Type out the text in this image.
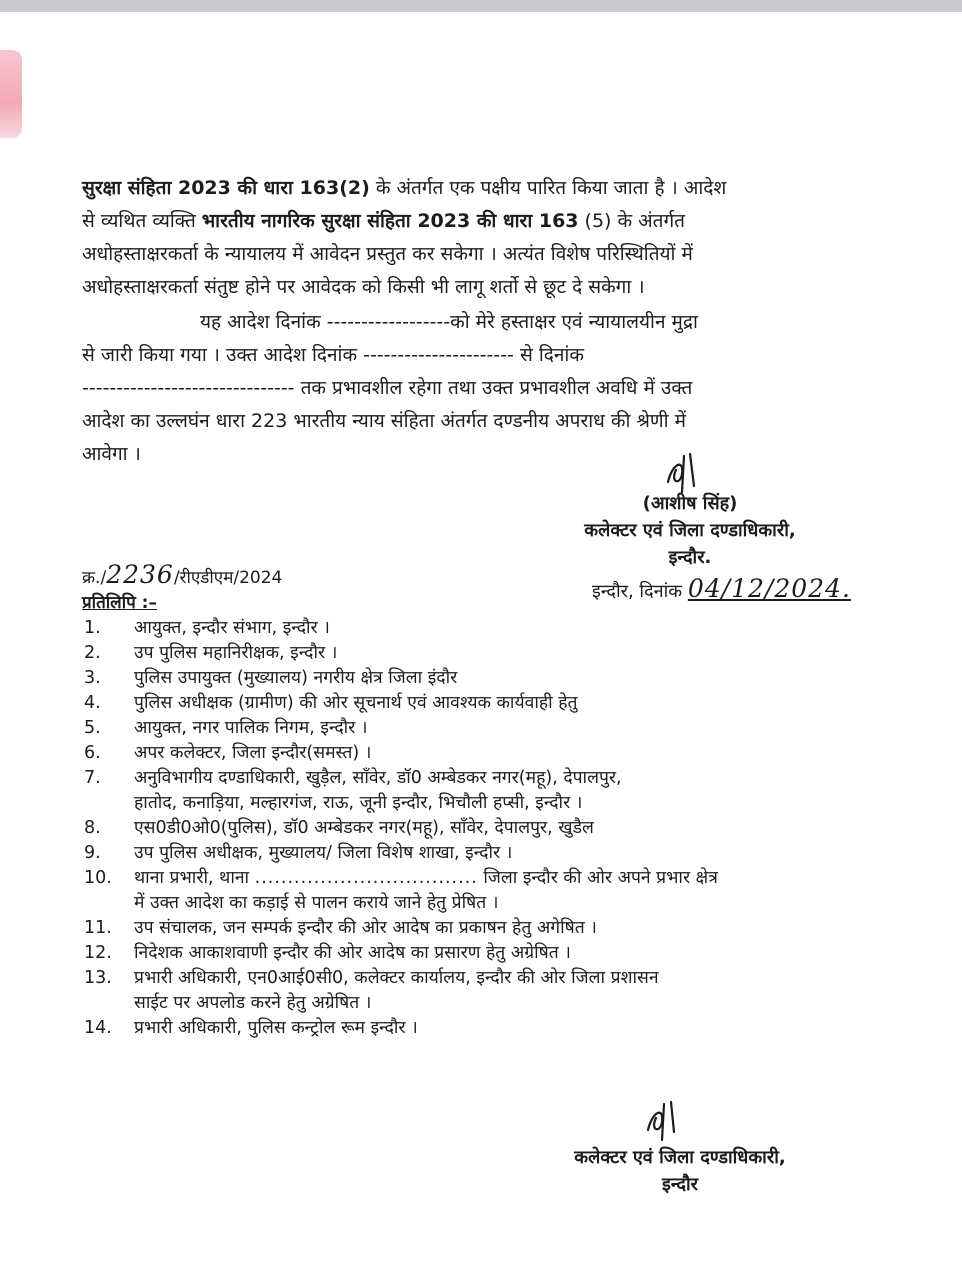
सुरक्षा संहिता 2023 की धारा 163(2) के अंतर्गत एक पक्षीय पारित किया जाता है । आदेश
से व्यथित व्यक्ति भारतीय नागरिक सुरक्षा संहिता 2023 की धारा 163 (5) के अंतर्गत
अधोहस्ताक्षरकर्ता के न्यायालय में आवेदन प्रस्तुत कर सकेगा । अत्यंत विशेष परिस्थितियों में
अधोहस्ताक्षरकर्ता संतुष्ट होने पर आवेदक को किसी भी लागू शर्तो से छूट दे सकेगा ।
यह आदेश दिनांक ------------------को मेरे हस्ताक्षर एवं न्यायालयीन मुद्रा
से जारी किया गया । उक्त आदेश दिनांक ---------------------- से दिनांक
------------------------------- तक प्रभावशील रहेगा तथा उक्त प्रभावशील अवधि में उक्त
आदेश का उल्लघंन धारा 223 भारतीय न्याय संहिता अंतर्गत दण्डनीय अपराध की श्रेणी में
आवेगा ।
(आशीष सिंह)
कलेक्टर एवं जिला दण्डाधिकारी,
इन्दौर.
क्र./2236/रीएडीएम/2024
इन्दौर, दिनांक 04/12/2024.
प्रतिलिपि :–
1.	आयुक्त, इन्दौर संभाग, इन्दौर ।
2.	उप पुलिस महानिरीक्षक, इन्दौर ।
3.	पुलिस उपायुक्त (मुख्यालय) नगरीय क्षेत्र जिला इंदौर
4.	पुलिस अधीक्षक (ग्रामीण) की ओर सूचनार्थ एवं आवश्यक कार्यवाही हेतु
5.	आयुक्त, नगर पालिक निगम, इन्दौर ।
6.	अपर कलेक्टर, जिला इन्दौर(समस्त) ।
7.	अनुविभागीय दण्डाधिकारी, खुड़ैल, साँवेर, डॉ0 अम्बेडकर नगर(महू), देपालपुर,
हातोद, कनाड़िया, मल्हारगंज, राऊ, जूनी इन्दौर, भिचौली हप्सी, इन्दौर ।
8.	एस0डी0ओ0(पुलिस), डॉ0 अम्बेडकर नगर(महू), साँवेर, देपालपुर, खुडैल
9.	उप पुलिस अधीक्षक, मुख्यालय/ जिला विशेष शाखा, इन्दौर ।
10.	थाना प्रभारी, थाना .................................. जिला इन्दौर की ओर अपने प्रभार क्षेत्र
में उक्त आदेश का कड़ाई से पालन कराये जाने हेतु प्रेषित ।
11.	उप संचालक, जन सम्पर्क इन्दौर की ओर आदेष का प्रकाषन हेतु अगेषित ।
12.	निदेशक आकाशवाणी इन्दौर की ओर आदेष का प्रसारण हेतु अग्रेषित ।
13.	प्रभारी अधिकारी, एन0आई0सी0, कलेक्टर कार्यालय, इन्दौर की ओर जिला प्रशासन
साईट पर अपलोड करने हेतु अग्रेषित ।
14.	प्रभारी अधिकारी, पुलिस कन्ट्रोल रूम इन्दौर ।
कलेक्टर एवं जिला दण्डाधिकारी,
इन्दौर
